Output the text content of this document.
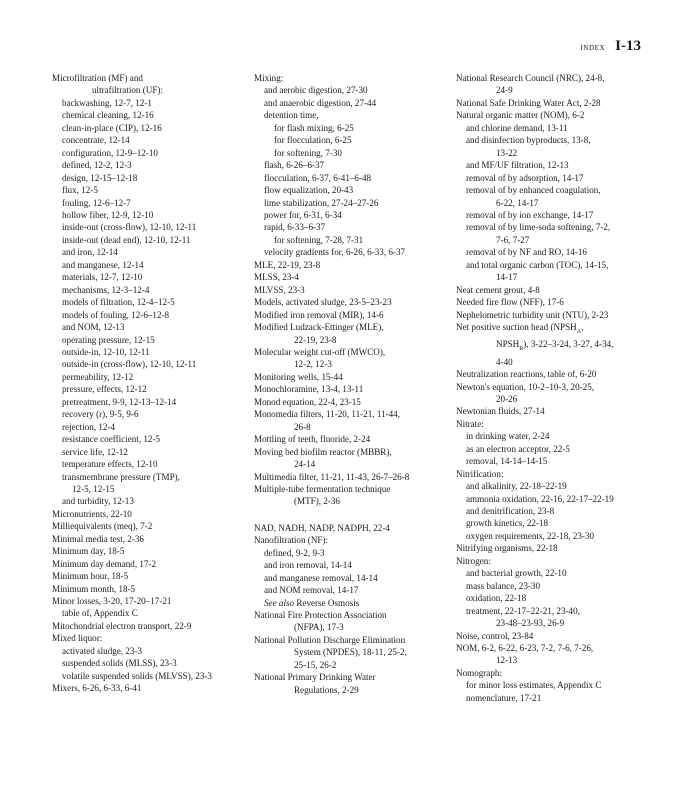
INDEX I-13
Microfiltration (MF) and
ultrafiltration (UF):
backwashing, 12-7, 12-1
chemical cleaning, 12-16
clean-in-place (CIP), 12-16
concentrate, 12-14
configuration, 12-9–12-10
defined, 12-2, 12-3
design, 12-15–12-18
flux, 12-5
fouling, 12-6–12-7
hollow fiber, 12-9, 12-10
inside-out (cross-flow), 12-10, 12-11
inside-out (dead end), 12-10, 12-11
and iron, 12-14
and manganese, 12-14
materials, 12-7, 12-10
mechanisms, 12-3–12-4
models of filtration, 12-4–12-5
models of fouling, 12-6–12-8
and NOM, 12-13
operating pressure, 12-15
outside-in, 12-10, 12-11
outside-in (cross-flow), 12-10, 12-11
permeability, 12-12
pressure, effects, 12-12
pretreatment, 9-9, 12-13–12-14
recovery (r), 9-5, 9-6
rejection, 12-4
resistance coefficient, 12-5
service life, 12-12
temperature effects, 12-10
transmembrane pressure (TMP),
12-5, 12-15
and turbidity, 12-13
Micronutrients, 22-10
Milliequivalents (meq), 7-2
Minimal media test, 2-36
Minimum day, 18-5
Minimum day demand, 17-2
Minimum hour, 18-5
Minimum month, 18-5
Minor losses, 3-20, 17-20–17-21
table of, Appendix C
Mitochondrial electron transport, 22-9
Mixed liquor:
activated sludge, 23-3
suspended solids (MLSS), 23-3
volatile suspended solids (MLVSS), 23-3
Mixers, 6-26, 6-33, 6-41
Mixing:
and aerobic digestion, 27-30
and anaerobic digestion, 27-44
detention time,
for flash mixing, 6-25
for flocculation, 6-25
for softening, 7-30
flash, 6-26–6-37
flocculation, 6-37, 6-41–6-48
flow equalization, 20-43
lime stabilization, 27-24–27-26
power for, 6-31, 6-34
rapid, 6-33–6-37
for softening, 7-28, 7-31
velocity gradients for, 6-26, 6-33, 6-37
MLE, 22-19, 23-8
MLSS, 23-4
MLVSS, 23-3
Models, activated sludge, 23-5–23-23
Modified iron removal (MIR), 14-6
Modified Ludzack-Ettinger (MLE),
22-19, 23-8
Molecular weight cut-off (MWCO),
12-2, 12-3
Monitoring wells, 15-44
Monochloramine, 13-4, 13-11
Monod equation, 22-4, 23-15
Monomedia filters, 11-20, 11-21, 11-44,
26-8
Mottling of teeth, fluoride, 2-24
Moving bed biofilm reactor (MBBR),
24-14
Multimedia filter, 11-21, 11-43, 26-7–26-8
Multiple-tube fermentation technique
(MTF), 2-36
NAD, NADH, NADP, NADPH, 22-4
Nanofiltration (NF):
defined, 9-2, 9-3
and iron removal, 14-14
and manganese removal, 14-14
and NOM removal, 14-17
See also Reverse Osmosis
National Fire Protection Association
(NFPA), 17-3
National Pollution Discharge Elimination
System (NPDES), 18-11, 25-2,
25-15, 26-2
National Primary Drinking Water
Regulations, 2-29
National Research Council (NRC), 24-8,
24-9
National Safe Drinking Water Act, 2-28
Natural organic matter (NOM), 6-2
and chlorine demand, 13-11
and disinfection byproducts, 13-8,
13-22
and MF/UF filtration, 12-13
removal of by adsorption, 14-17
removal of by enhanced coagulation,
6-22, 14-17
removal of by ion exchange, 14-17
removal of by lime-soda softening, 7-2,
7-6, 7-27
removal of by NF and RO, 14-16
and total organic carbon (TOC), 14-15,
14-17
Neat cement grout, 4-8
Needed fire flow (NFF), 17-6
Nephelometric turbidity unit (NTU), 2-23
Net positive suction head ($NPSH_A$,
$NPSH_R$), 3-22–3-24, 3-27, 4-34,
4-40
Neutralization reactions, table of, 6-20
Newton's equation, 10-2–10-3, 20-25,
20-26
Newtonian fluids, 27-14
Nitrate:
in drinking water, 2-24
as an electron acceptor, 22-5
removal, 14-14–14-15
Nitrification:
and alkalinity, 22-18–22-19
ammonia oxidation, 22-16, 22-17–22-19
and denitrification, 23-8
growth kinetics, 22-18
oxygen requirements, 22-18, 23-30
Nitrifying organisms, 22-18
Nitrogen:
and bacterial growth, 22-10
mass balance, 23-30
oxidation, 22-18
treatment, 22-17–22-21, 23-40,
23-48–23-93, 26-9
Noise, control, 23-84
NOM, 6-2, 6-22, 6-23, 7-2, 7-6, 7-26,
12-13
Nomograph:
for minor loss estimates, Appendix C
nomenclature, 17-21
